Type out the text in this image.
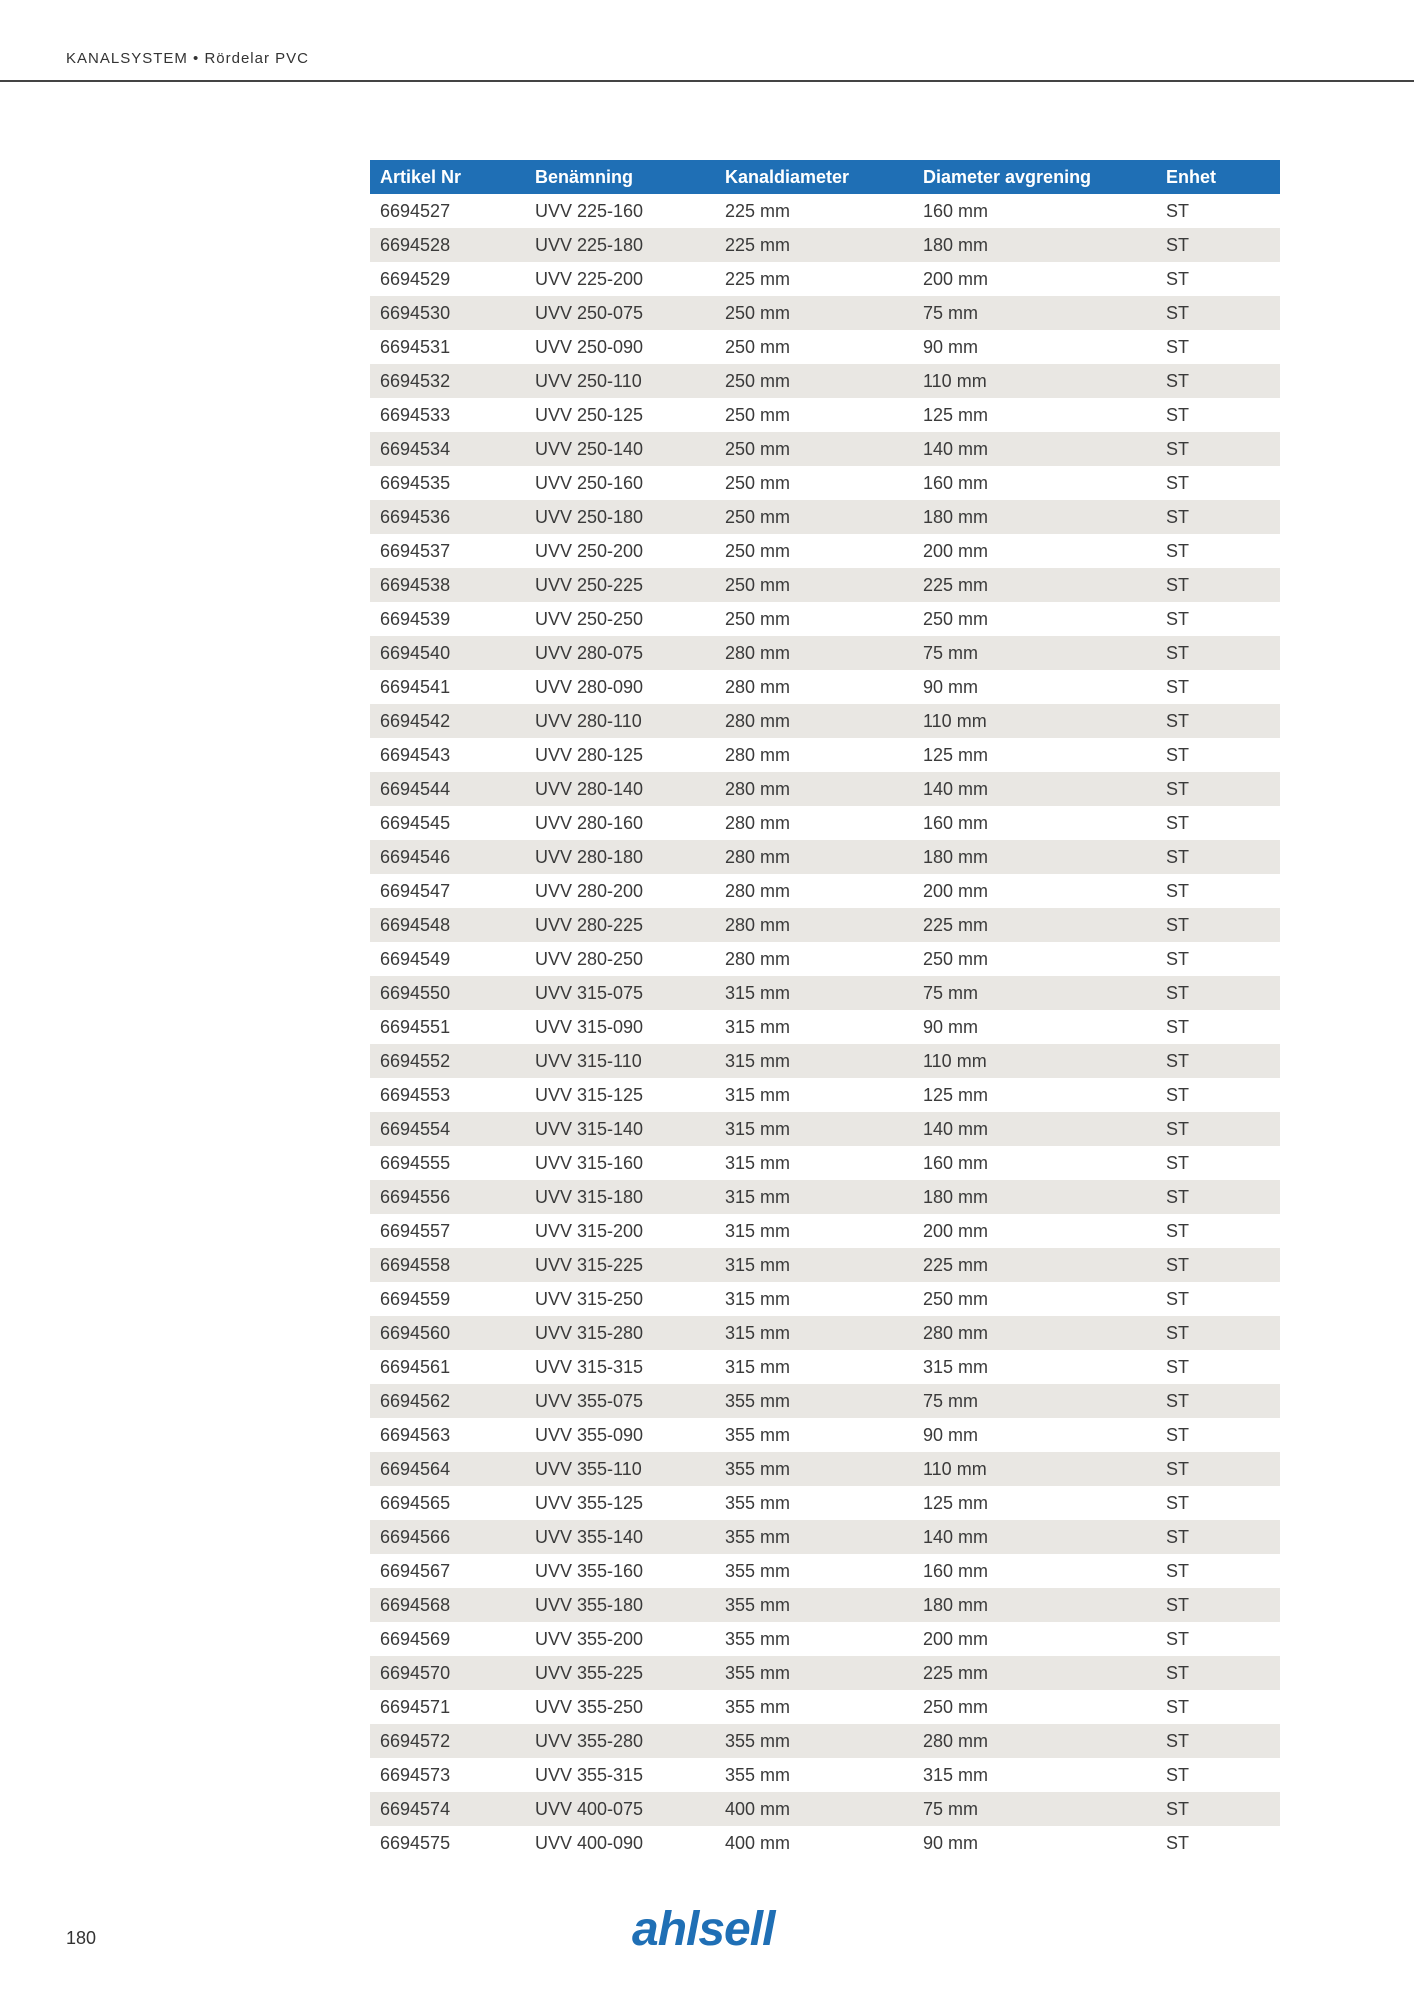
KANALSYSTEM • Rördelar PVC
Artikel Nr	Benämning	Kanaldiameter	Diameter avgrening	Enhet
6694527	UVV 225-160	225 mm	160 mm	ST
6694528	UVV 225-180	225 mm	180 mm	ST
6694529	UVV 225-200	225 mm	200 mm	ST
6694530	UVV 250-075	250 mm	75 mm	ST
6694531	UVV 250-090	250 mm	90 mm	ST
6694532	UVV 250-110	250 mm	110 mm	ST
6694533	UVV 250-125	250 mm	125 mm	ST
6694534	UVV 250-140	250 mm	140 mm	ST
6694535	UVV 250-160	250 mm	160 mm	ST
6694536	UVV 250-180	250 mm	180 mm	ST
6694537	UVV 250-200	250 mm	200 mm	ST
6694538	UVV 250-225	250 mm	225 mm	ST
6694539	UVV 250-250	250 mm	250 mm	ST
6694540	UVV 280-075	280 mm	75 mm	ST
6694541	UVV 280-090	280 mm	90 mm	ST
6694542	UVV 280-110	280 mm	110 mm	ST
6694543	UVV 280-125	280 mm	125 mm	ST
6694544	UVV 280-140	280 mm	140 mm	ST
6694545	UVV 280-160	280 mm	160 mm	ST
6694546	UVV 280-180	280 mm	180 mm	ST
6694547	UVV 280-200	280 mm	200 mm	ST
6694548	UVV 280-225	280 mm	225 mm	ST
6694549	UVV 280-250	280 mm	250 mm	ST
6694550	UVV 315-075	315 mm	75 mm	ST
6694551	UVV 315-090	315 mm	90 mm	ST
6694552	UVV 315-110	315 mm	110 mm	ST
6694553	UVV 315-125	315 mm	125 mm	ST
6694554	UVV 315-140	315 mm	140 mm	ST
6694555	UVV 315-160	315 mm	160 mm	ST
6694556	UVV 315-180	315 mm	180 mm	ST
6694557	UVV 315-200	315 mm	200 mm	ST
6694558	UVV 315-225	315 mm	225 mm	ST
6694559	UVV 315-250	315 mm	250 mm	ST
6694560	UVV 315-280	315 mm	280 mm	ST
6694561	UVV 315-315	315 mm	315 mm	ST
6694562	UVV 355-075	355 mm	75 mm	ST
6694563	UVV 355-090	355 mm	90 mm	ST
6694564	UVV 355-110	355 mm	110 mm	ST
6694565	UVV 355-125	355 mm	125 mm	ST
6694566	UVV 355-140	355 mm	140 mm	ST
6694567	UVV 355-160	355 mm	160 mm	ST
6694568	UVV 355-180	355 mm	180 mm	ST
6694569	UVV 355-200	355 mm	200 mm	ST
6694570	UVV 355-225	355 mm	225 mm	ST
6694571	UVV 355-250	355 mm	250 mm	ST
6694572	UVV 355-280	355 mm	280 mm	ST
6694573	UVV 355-315	355 mm	315 mm	ST
6694574	UVV 400-075	400 mm	75 mm	ST
6694575	UVV 400-090	400 mm	90 mm	ST
180	ahlsell
